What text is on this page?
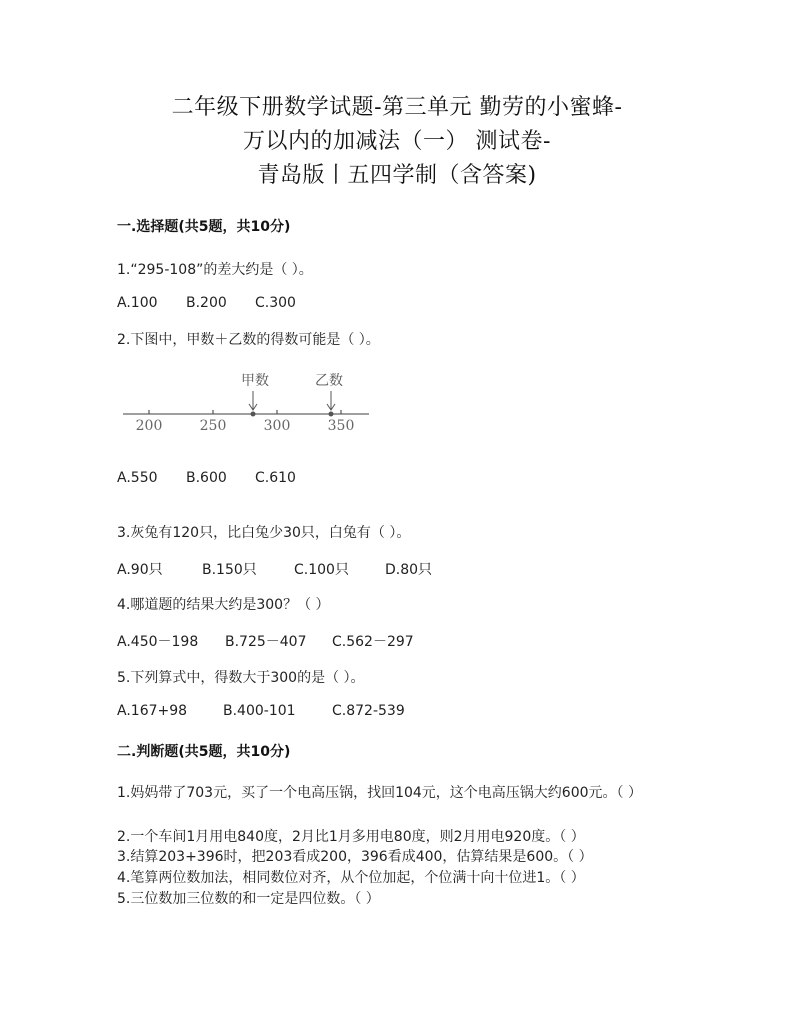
二年级下册数学试题-第三单元 勤劳的小蜜蜂-
万以内的加减法（一） 测试卷-
青岛版丨五四学制（含答案)
一.选择题(共5题，共10分)
1.“295-108”的差大约是（ ）。
A.100 B.200 C.300
2.下图中，甲数＋乙数的得数可能是（ ）。
甲数	乙数
200	250	300	350
A.550 B.600 C.610
3.灰兔有120只，比白兔少30只，白兔有（ ）。
A.90只	B.150只	C.100只	D.80只
4.哪道题的结果大约是300？（ ）
A.450－198 B.725－407 C.562－297
5.下列算式中，得数大于300的是（ ）。
A.167+98	B.400-101	C.872-539
二.判断题(共5题，共10分)
1.妈妈带了703元，买了一个电高压锅，找回104元，这个电高压锅大约600元。（ ）
2.一个车间1月用电840度，2月比1月多用电80度，则2月用电920度。（ ）
3.结算203+396时，把203看成200，396看成400，估算结果是600。（ ）
4.笔算两位数加法，相同数位对齐，从个位加起，个位满十向十位进1。（ ）
5.三位数加三位数的和一定是四位数。（ ）
